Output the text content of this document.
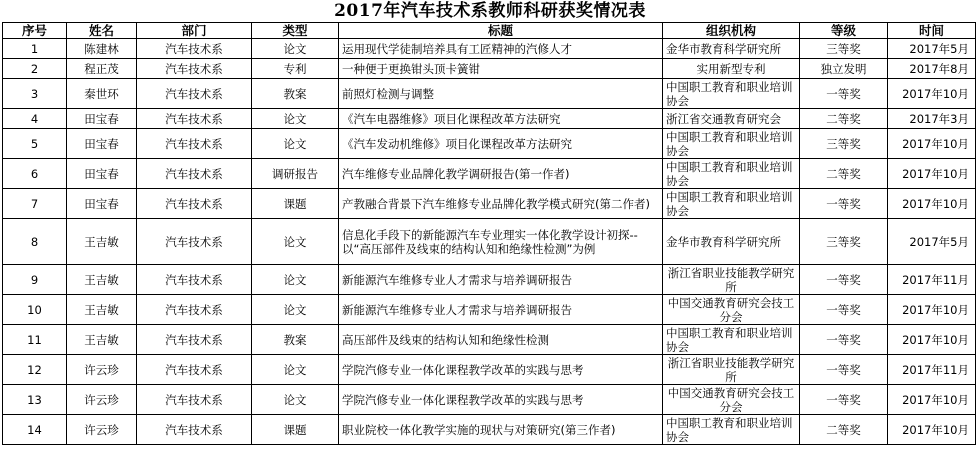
2017年汽车技术系教师科研获奖情况表
序号	姓名	部门	类型	标题	组织机构	等级	时间
1	陈建林	汽车技术系	论文	运用现代学徒制培养具有工匠精神的汽修人才	金华市教育科学研究所	三等奖	2017年5月
2	程正茂	汽车技术系	专利	一种便于更换钳头顶卡簧钳	实用新型专利	独立发明	2017年8月
3	秦世环	汽车技术系	教案	前照灯检测与调整	中国职工教育和职业培训协会	一等奖	2017年10月
4	田宝春	汽车技术系	论文	《汽车电器维修》项目化课程改革方法研究	浙江省交通教育研究会	二等奖	2017年3月
5	田宝春	汽车技术系	论文	《汽车发动机维修》项目化课程改革方法研究	中国职工教育和职业培训协会	三等奖	2017年10月
6	田宝春	汽车技术系	调研报告	汽车维修专业品牌化教学调研报告(第一作者)	中国职工教育和职业培训协会	二等奖	2017年10月
7	田宝春	汽车技术系	课题	产教融合背景下汽车维修专业品牌化教学模式研究(第二作者)	中国职工教育和职业培训协会	一等奖	2017年10月
8	王吉敏	汽车技术系	论文	信息化手段下的新能源汽车专业理实一体化教学设计初探--以“高压部件及线束的结构认知和绝缘性检测”为例	金华市教育科学研究所	三等奖	2017年5月
9	王吉敏	汽车技术系	论文	新能源汽车维修专业人才需求与培养调研报告	浙江省职业技能教学研究所	一等奖	2017年11月
10	王吉敏	汽车技术系	论文	新能源汽车维修专业人才需求与培养调研报告	中国交通教育研究会技工分会	一等奖	2017年10月
11	王吉敏	汽车技术系	教案	高压部件及线束的结构认知和绝缘性检测	中国职工教育和职业培训协会	一等奖	2017年10月
12	许云珍	汽车技术系	论文	学院汽修专业一体化课程教学改革的实践与思考	浙江省职业技能教学研究所	一等奖	2017年11月
13	许云珍	汽车技术系	论文	学院汽修专业一体化课程教学改革的实践与思考	中国交通教育研究会技工分会	一等奖	2017年10月
14	许云珍	汽车技术系	课题	职业院校一体化教学实施的现状与对策研究(第三作者)	中国职工教育和职业培训协会	二等奖	2017年10月
